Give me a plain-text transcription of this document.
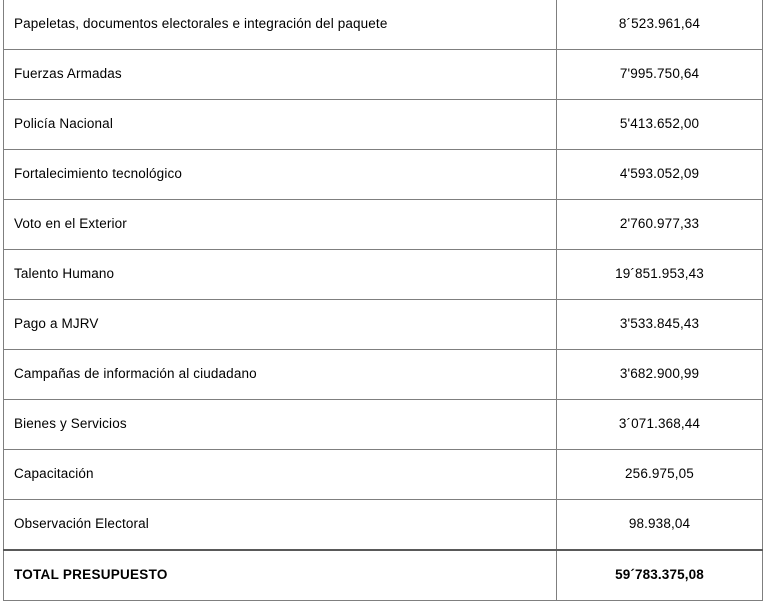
Papeletas, documentos electorales e integración del paquete	8´523.961,64
Fuerzas Armadas	7'995.750,64
Policía Nacional	5'413.652,00
Fortalecimiento tecnológico	4'593.052,09
Voto en el Exterior	2'760.977,33
Talento Humano	19´851.953,43
Pago a MJRV	3'533.845,43
Campañas de información al ciudadano	3'682.900,99
Bienes y Servicios	3´071.368,44
Capacitación	256.975,05
Observación Electoral	98.938,04
TOTAL PRESUPUESTO	59´783.375,08
